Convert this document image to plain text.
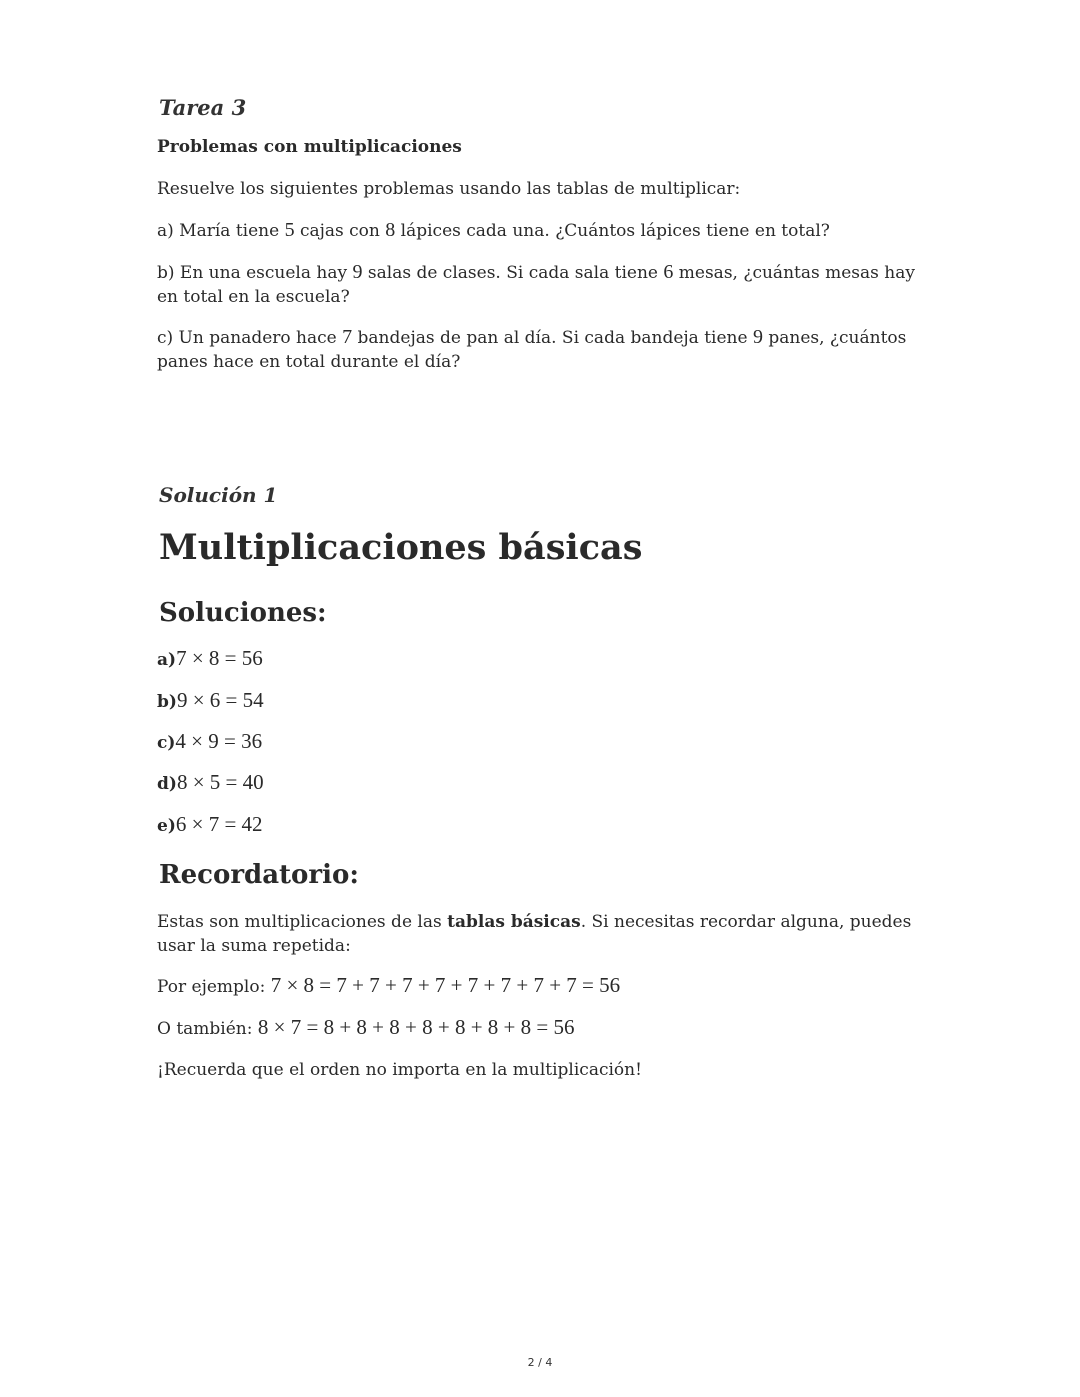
Tarea 3
Problemas con multiplicaciones
Resuelve los siguientes problemas usando las tablas de multiplicar:
a) María tiene 5 cajas con 8 lápices cada una. ¿Cuántos lápices tiene en total?
b) En una escuela hay 9 salas de clases. Si cada sala tiene 6 mesas, ¿cuántas mesas hay en total en la escuela?
c) Un panadero hace 7 bandejas de pan al día. Si cada bandeja tiene 9 panes, ¿cuántos panes hace en total durante el día?
Solución 1
Multiplicaciones básicas
Soluciones:
a)7 × 8 = 56
b)9 × 6 = 54
c)4 × 9 = 36
d)8 × 5 = 40
e)6 × 7 = 42
Recordatorio:
Estas son multiplicaciones de las tablas básicas. Si necesitas recordar alguna, puedes usar la suma repetida:
Por ejemplo: 7 × 8 = 7 + 7 + 7 + 7 + 7 + 7 + 7 + 7 = 56
O también: 8 × 7 = 8 + 8 + 8 + 8 + 8 + 8 + 8 = 56
¡Recuerda que el orden no importa en la multiplicación!
2 / 4
